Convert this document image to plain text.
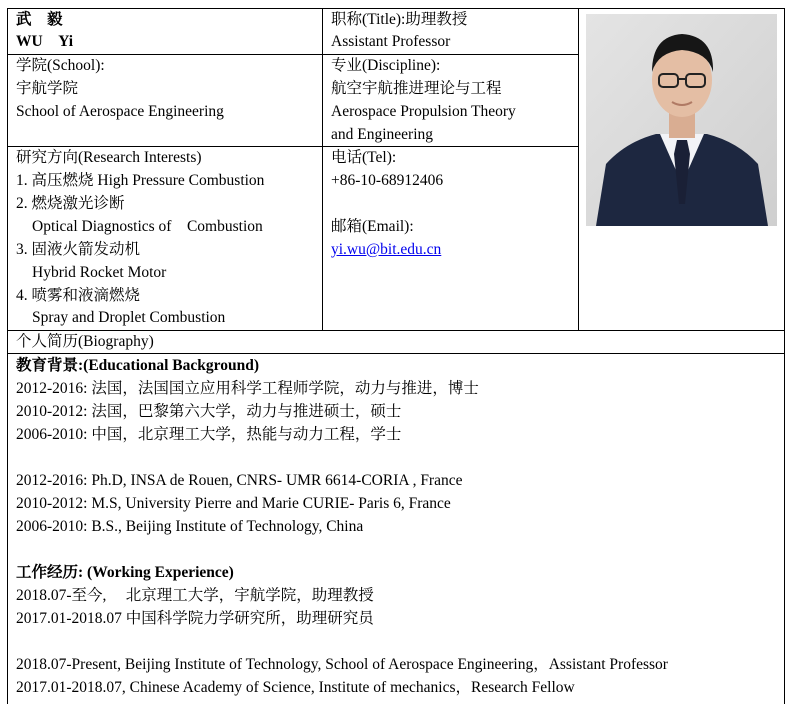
武　毅
WU　Yi
职称(Title):助理教授
Assistant Professor
学院(School):
宇航学院
School of Aerospace Engineering
专业(Discipline):
航空宇航推进理论与工程
Aerospace Propulsion Theory
and Engineering
研究方向(Research Interests)
1. 高压燃烧 High Pressure Combustion
2. 燃烧激光诊断
Optical Diagnostics of　Combustion
3. 固液火箭发动机
Hybrid Rocket Motor
4. 喷雾和液滴燃烧
Spray and Droplet Combustion
电话(Tel):
+86-10-68912406
邮箱(Email):
yi.wu@bit.edu.cn
个人简历(Biography)
教育背景:(Educational Background)
2012-2016: 法国，法国国立应用科学工程师学院，动力与推进，博士
2010-2012: 法国，巴黎第六大学，动力与推进硕士，硕士
2006-2010: 中国，北京理工大学，热能与动力工程，学士
2012-2016: Ph.D, INSA de Rouen, CNRS- UMR 6614-CORIA , France
2010-2012: M.S, University Pierre and Marie CURIE- Paris 6, France
2006-2010: B.S., Beijing Institute of Technology, China
工作经历: (Working Experience)
2018.07-至今,　 北京理工大学，宇航学院，助理教授
2017.01-2018.07 中国科学院力学研究所，助理研究员
2018.07-Present, Beijing Institute of Technology, School of Aerospace Engineering，Assistant Professor
2017.01-2018.07, Chinese Academy of Science, Institute of mechanics，Research Fellow
